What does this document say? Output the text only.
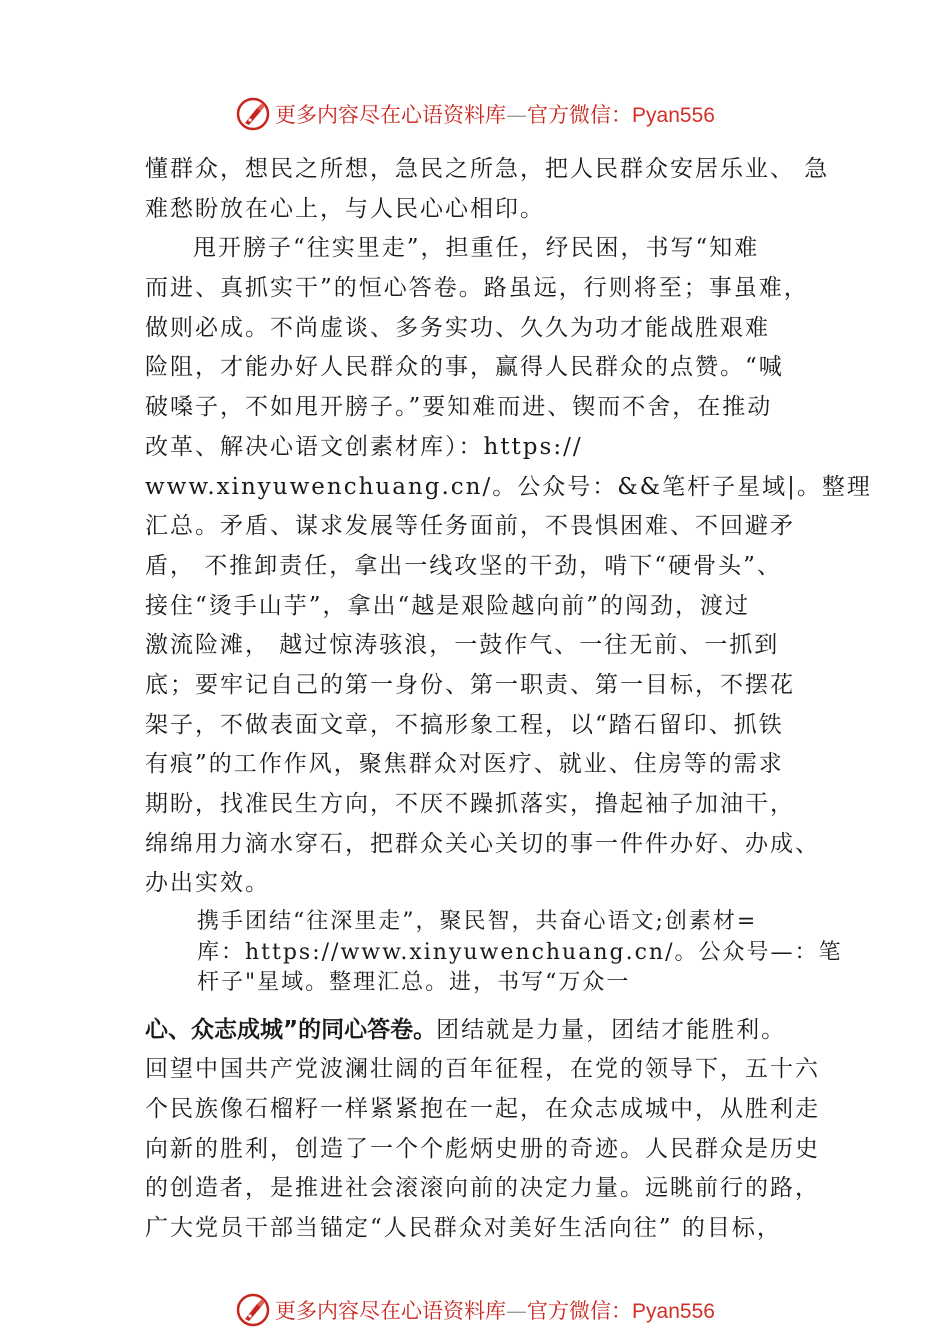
更多内容尽在心语资料库—官方微信：Pyan556
懂群众，想民之所想，急民之所急，把人民群众安居乐业、 急
难愁盼放在心上，与人民心心相印。
甩开膀子“往实里走”，担重任，纾民困，书写“知难
而进、真抓实干”的恒心答卷。路虽远，行则将至；事虽难，
做则必成。不尚虚谈、多务实功、久久为功才能战胜艰难
险阻，才能办好人民群众的事，赢得人民群众的点赞。“喊
破嗓子，不如甩开膀子。”要知难而进、锲而不舍，在推动
改革、解决心语文创素材库）：https://
www.xinyuwenchuang.cn/。公众号：&&笔杆子星域|。整理
汇总。矛盾、谋求发展等任务面前，不畏惧困难、不回避矛
盾， 不推卸责任，拿出一线攻坚的干劲，啃下“硬骨头”、
接住“烫手山芋”，拿出“越是艰险越向前”的闯劲，渡过
激流险滩， 越过惊涛骇浪，一鼓作气、一往无前、一抓到
底；要牢记自己的第一身份、第一职责、第一目标，不摆花
架子，不做表面文章，不搞形象工程，以“踏石留印、抓铁
有痕”的工作作风，聚焦群众对医疗、就业、住房等的需求
期盼，找准民生方向，不厌不躁抓落实，撸起袖子加油干，
绵绵用力滴水穿石，把群众关心关切的事一件件办好、办成、
办出实效。
携手团结“往深里走”，聚民智，共奋心语文;创素材=
库：https://www.xinyuwenchuang.cn/。公众号—：笔
杆子"星域。整理汇总。进，书写“万众一
心、众志成城”的同心答卷。团结就是力量，团结才能胜利。
回望中国共产党波澜壮阔的百年征程，在党的领导下，五十六
个民族像石榴籽一样紧紧抱在一起，在众志成城中，从胜利走
向新的胜利，创造了一个个彪炳史册的奇迹。人民群众是历史
的创造者，是推进社会滚滚向前的决定力量。远眺前行的路，
广大党员干部当锚定“人民群众对美好生活向往” 的目标，
更多内容尽在心语资料库—官方微信：Pyan556
